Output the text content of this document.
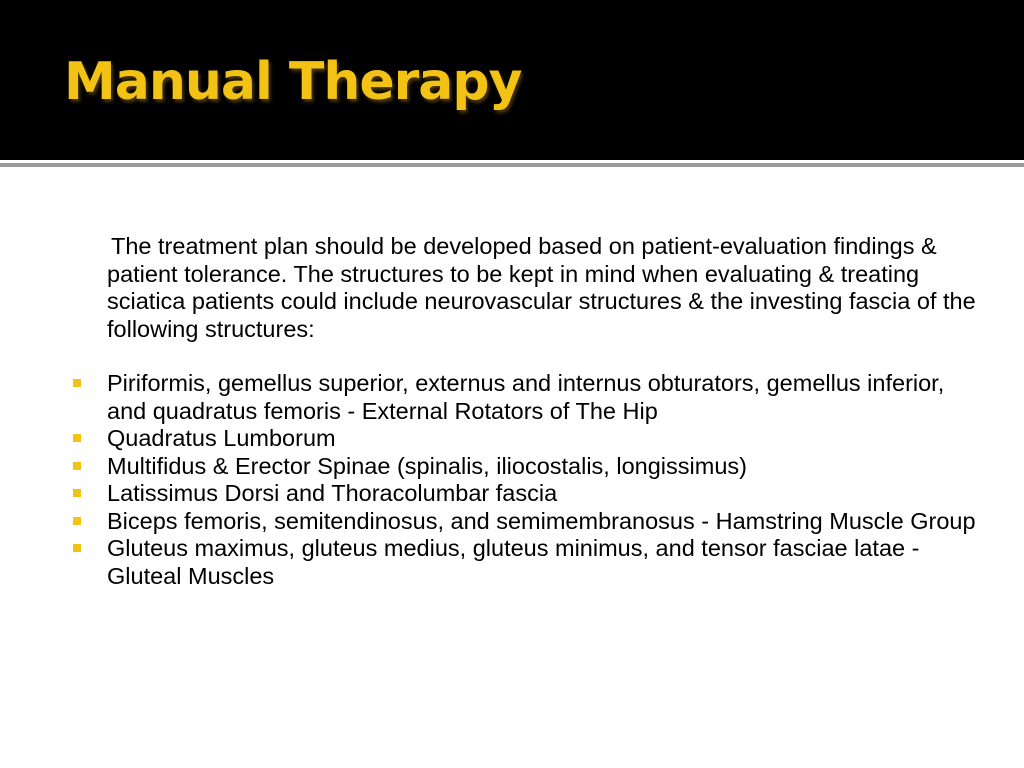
Manual Therapy

The treatment plan should be developed based on patient-evaluation findings & patient tolerance. The structures to be kept in mind when evaluating & treating sciatica patients could include neurovascular structures & the investing fascia of the following structures:

Piriformis, gemellus superior, externus and internus obturators, gemellus inferior, and quadratus femoris - External Rotators of The Hip
Quadratus Lumborum
Multifidus & Erector Spinae (spinalis, iliocostalis, longissimus)
Latissimus Dorsi and Thoracolumbar fascia
Biceps femoris, semitendinosus, and semimembranosus - Hamstring Muscle Group
Gluteus maximus, gluteus medius, gluteus minimus, and tensor fasciae latae - Gluteal Muscles
